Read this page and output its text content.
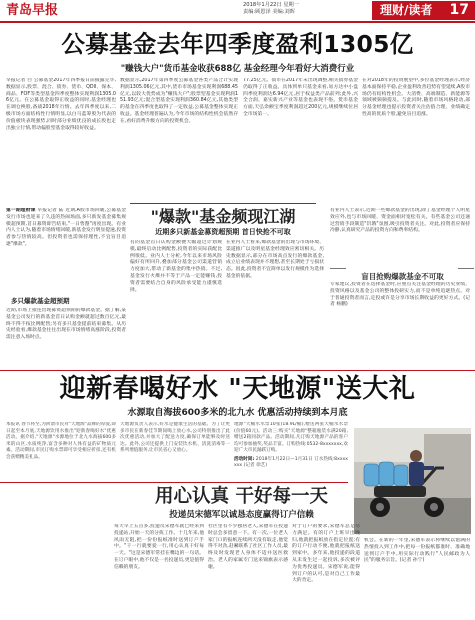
青岛早报	2018年1月22日 星期一
责编:顾恩泽 美编:刘晖	理财/读者 17
公募基金去年四季度盈利1305亿
"赚钱大户"货币基金收获688亿 基金经理今年看好大消费行业
早报记者 白 公募基金2017年四季报日前披露完毕,数据显示,股票、混合、债券、货币、QDII、保本、商品、FOF等类型基金四季度整体实现利润1305.06亿元。在公募基金取得正收益的同时,基金经理也在调仓换股,备战2018年行情。去年四季度以来,二级市场方面结构性行情明显,以白马蓝筹股为代表的价值板块表现强势,同时部分业绩优良的成长股也走出独立行情,带动偏股型基金取得较好收益。
数据显示,2017年第四季度公募基金各类产品合计实现利润1305.06亿元,其中,货币市场基金实现利润688.45亿元,以较大优势成为"赚钱大户";股票型基金实现利润151.93亿元;混合型基金实现利润360.84亿元,其他类型的基金在四季度也取得了一定收益,公募基金整体实现正收益。基金经理普遍认为,今年市场的结构性机会依然存在,看好消费升级方向的投资机会。
77.25亿元。债市在2017年末出现调整,相关债券基金仍取得了正收益。具体到单只基金来看,易方达中小盘四季度利润达6.94亿元,居于权益类产品前列;此外,兴全合润、嘉实新兴产业等基金也表现不俗。货币基金方面,天弘余额宝季度利润超过200亿元,规模继续位居全市场第一。
在对2018年的投资展望中,多位基金经理表示,经济基本面保持平稳,企业盈利改善趋势有望延续,A股市场仍有结构性机会。大消费、高端制造、新能源等领域被频频提及。与此同时,随着市场风格轮动,部分基金经理也提示投资者关注估值合理、业绩确定性高的优质个股,避免盲目追涨。
"爆款"基金频现江湖
近期多只新基金募资超预期 首日快抢不可取
第一期理财课 早报记者 陆 近期,A股市场回暖,公募基金发行市场也迎来了久违的热闹场面,多只新发基金募集规模超预期,首日募资即告结束,"一日售罄"再度出现。有业内人士认为,随着市场情绪回暖,新基金发行明显提速,投资者参与热情较高。但投资者也需保持理性,不宜盲目追逐"爆款"。
多只爆款基金超预期
近期,市场上接连出现募资超预期的爆款基金。据了解,某基金公司发行的新基金首日认购金额就超过数百亿元,最终不得不按比例配售;另有多只基金提前结束募集。从历史经验看,爆款基金往往出现在市场情绪高涨阶段,投资者需注意入场时点。
有的基金首日认购金额便大幅超过计划规模,最终启动比例配售,投资者的实际获配比例很低。业内人士分析,今年以来市场风险偏好有所回升,叠加部分基金公司渠道营销力度加大,带动了新基金的集中热销。不过,基金发行火爆并不等于产品一定能赚钱,投资者需要结合自身的风险承受能力谨慎选择。
在业内人士看来,爆款基金的出现与市场环境、渠道推广以及明星基金经理效应密切相关。历史数据显示,部分在市场高点发行的爆款基金,成立后业绩表现并不理想,甚至长期处于亏损状态。因此,投资者不宜简单以发行规模作为选择基金的依据。	盲目抢购爆款基金不可取
有业内人士表示,近期一些爆款基金的出现,除了基金经理个人明星效应外,也与市场回暖、资金面相对宽松有关。有些基金公司还通过营销手段制造"饥饿"氛围,吸引投资者关注。对此,投资者应保持冷静,认真研究产品的投资方向和费率结构。
专家建议,投资者在选择基金时,应重点关注基金经理的历史业绩、投资风格以及基金公司的整体投研实力,而不是单纯追逐热点。对于普通投资者而言,定投或许是分享市场长期收益的更好方式。(记者 杨鹏)
迎新春喝好水 "天地源"送大礼
水源取自海拔600多米的北九水 优惠活动持续到本月底
本报讯 春节将至,为回馈市民对"天地源"品牌的厚爱,即日起至本月底,天地源饮用水推出"迎新春喝好水"优惠活动。据介绍,"天地源"水源地位于北九水海拔600多米的山区,水质纯净,富含多种对人体有益的矿物质元素。活动期间,市民订购水票即可享受相应折扣,还有机会获赠精美礼品。
天地源负责人表示,好水是健康生活的基础。为了让更多市民在新春佳节期间喝上放心水,公司特别推出了此次优惠活动,并加大了配送力度,确保订单能够及时送达。此外,公司还提供上门安装饮水机、清洗消毒等一系列增值服务,让市民省心又放心。
地源"大桶水水票10张(18.9L/桶),赠送两张大桶水水票(价值60元)。活动三:购买"天地源"整箱瓶装水满20箱,赠送2箱同款产品。活动期间,凡订购天地源产品的客户均可参加抽奖,奖品丰富。订购热线:0532-8xxxxxxx,欢迎广大市民踊跃订购。
活动时间: 2018年1月22日—1月31日 订水热线:8xxxxxxx (记者 徐艺)
用心认真 干好每一天
投递员宋德军以诚恳态度赢得订户信赖
每天早上五点多,投递员宋德军就已经来到投递站,开始一天的分拣工作。十几年来,他风雨无阻,把一份份报纸准时送到订户手中。"干一行就要爱一行,用心认真干好每一天。"这是宋德军常挂在嘴边的一句话。在订户眼中,他不仅是一名投递员,更是值得信赖的朋友。
社区里有不少独居老人,宋德军在投递时总会多留意一下。有一次,一位老人家门口的报纸连续两天没有取走,他觉得不对劲,赶紧联系了社区工作人员,最终及时发现老人身体不适并送医救治。老人的家属专门送来锦旗表示感谢。
对于订户的要求,宋德军总是尽力满足。有的订户上班早出晚归,他就把报纸放在指定位置;有的订户行动不便,他就把报纸送到家中。多年来,他投递的段道从未发生过一起投诉,多次被评为优秀投递员。宋德军说,能得到订户的认可,是对自己工作最大的肯定。
机会。在新的一年里,宋德军表示将继续以饱满的热情投入到工作中,把每一份报纸都准时、准确地送到订户手中,用实际行动践行"人民邮政为人民"的服务宗旨。(记者 孙宁)
